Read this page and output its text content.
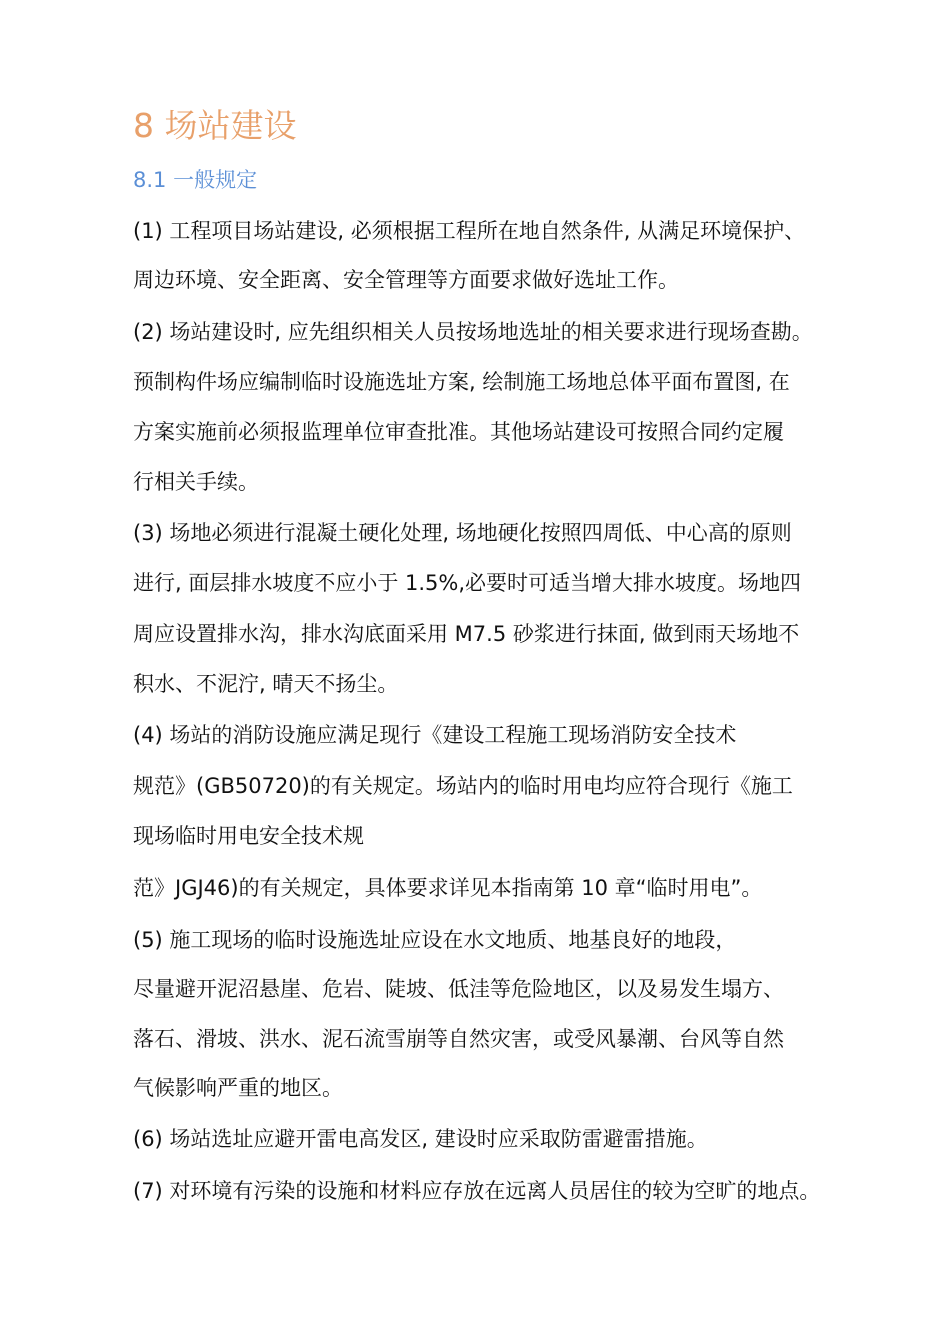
8 场站建设
8.1 一般规定

(1) 工程项目场站建设, 必须根据工程所在地自然条件, 从满足环境保护、

周边环境、安全距离、安全管理等方面要求做好选址工作。

(2) 场站建设时, 应先组织相关人员按场地选址的相关要求进行现场查勘。

预制构件场应编制临时设施选址方案, 绘制施工场地总体平面布置图, 在

方案实施前必须报监理单位审查批准。其他场站建设可按照合同约定履

行相关手续。

(3) 场地必须进行混凝土硬化处理, 场地硬化按照四周低、中心高的原则

进行, 面层排水坡度不应小于 1.5%,必要时可适当增大排水坡度。场地四

周应设置排水沟，排水沟底面采用 M7.5 砂浆进行抹面, 做到雨天场地不

积水、不泥泞, 晴天不扬尘。

(4) 场站的消防设施应满足现行《建设工程施工现场消防安全技术

规范》(GB50720)的有关规定。场站内的临时用电均应符合现行《施工

现场临时用电安全技术规

范》JGJ46)的有关规定，具体要求详见本指南第 10 章“临时用电”。

(5) 施工现场的临时设施选址应设在水文地质、地基良好的地段，

尽量避开泥沼悬崖、危岩、陡坡、低洼等危险地区，以及易发生塌方、

落石、滑坡、洪水、泥石流雪崩等自然灾害，或受风暴潮、台风等自然

气候影响严重的地区。

(6) 场站选址应避开雷电高发区, 建设时应采取防雷避雷措施。

(7) 对环境有污染的设施和材料应存放在远离人员居住的较为空旷的地点。
